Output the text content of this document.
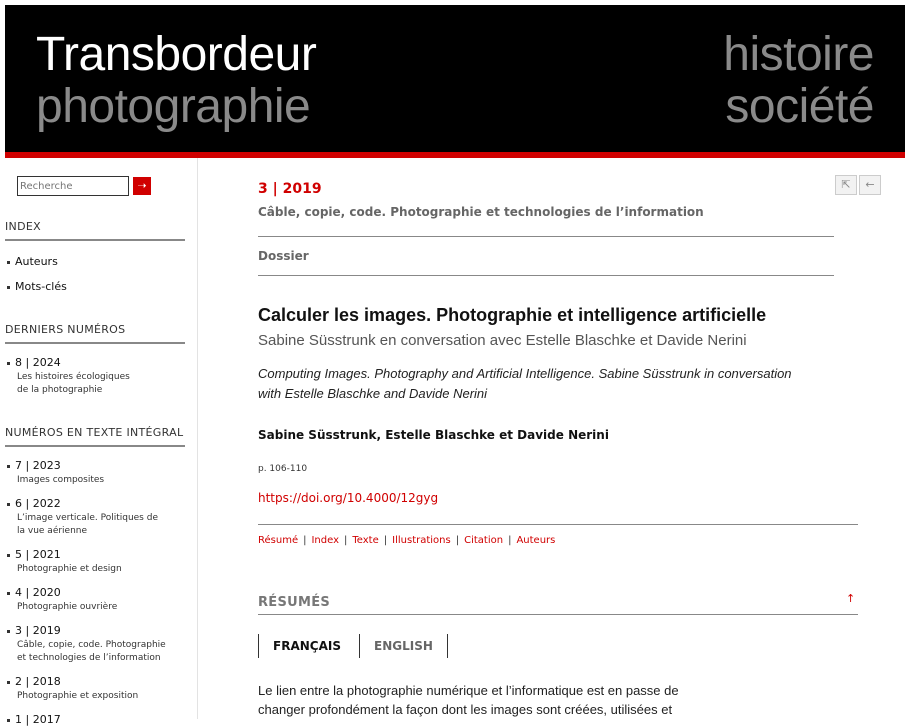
Transbordeur
photographie
histoire
société
Recherche
➝
INDEX
Auteurs
Mots-clés
DERNIERS NUMÉROS
8 | 2024
Les histoires écologiques
de la photographie
NUMÉROS EN TEXTE INTÉGRAL
7 | 2023
Images composites
6 | 2022
L’image verticale. Politiques de
la vue aérienne
5 | 2021
Photographie et design
4 | 2020
Photographie ouvrière
3 | 2019
Câble, copie, code. Photographie
et technologies de l’information
2 | 2018
Photographie et exposition
1 | 2017
3 | 2019
Câble, copie, code. Photographie et technologies de l’information
⇱ ←
Dossier
Calculer les images. Photographie et intelligence artificielle
Sabine Süsstrunk en conversation avec Estelle Blaschke et Davide Nerini
Computing Images. Photography and Artificial Intelligence. Sabine Süsstrunk in conversation with Estelle Blaschke and Davide Nerini
Sabine Süsstrunk, Estelle Blaschke et Davide Nerini
p. 106-110
https://doi.org/10.4000/12gyg
Résumé | Index | Texte | Illustrations | Citation | Auteurs
RÉSUMÉS	↑
FRANÇAIS	ENGLISH
Le lien entre la photographie numérique et l’informatique est en passe de changer profondément la façon dont les images sont créées, utilisées et
